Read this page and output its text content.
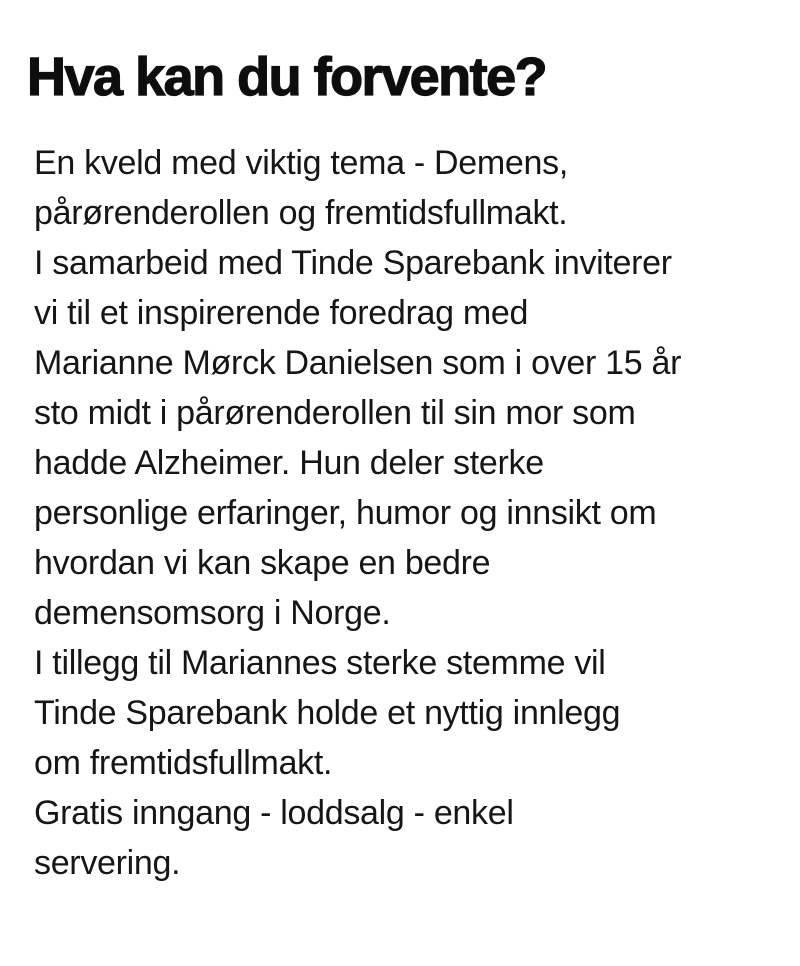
Hva kan du forvente?
En kveld med viktig tema - Demens,
pårørenderollen og fremtidsfullmakt.
I samarbeid med Tinde Sparebank inviterer
vi til et inspirerende foredrag med
Marianne Mørck Danielsen som i over 15 år
sto midt i pårørenderollen til sin mor som
hadde Alzheimer. Hun deler sterke
personlige erfaringer, humor og innsikt om
hvordan vi kan skape en bedre
demensomsorg i Norge.
I tillegg til Mariannes sterke stemme vil
Tinde Sparebank holde et nyttig innlegg
om fremtidsfullmakt.
Gratis inngang - loddsalg - enkel
servering.
